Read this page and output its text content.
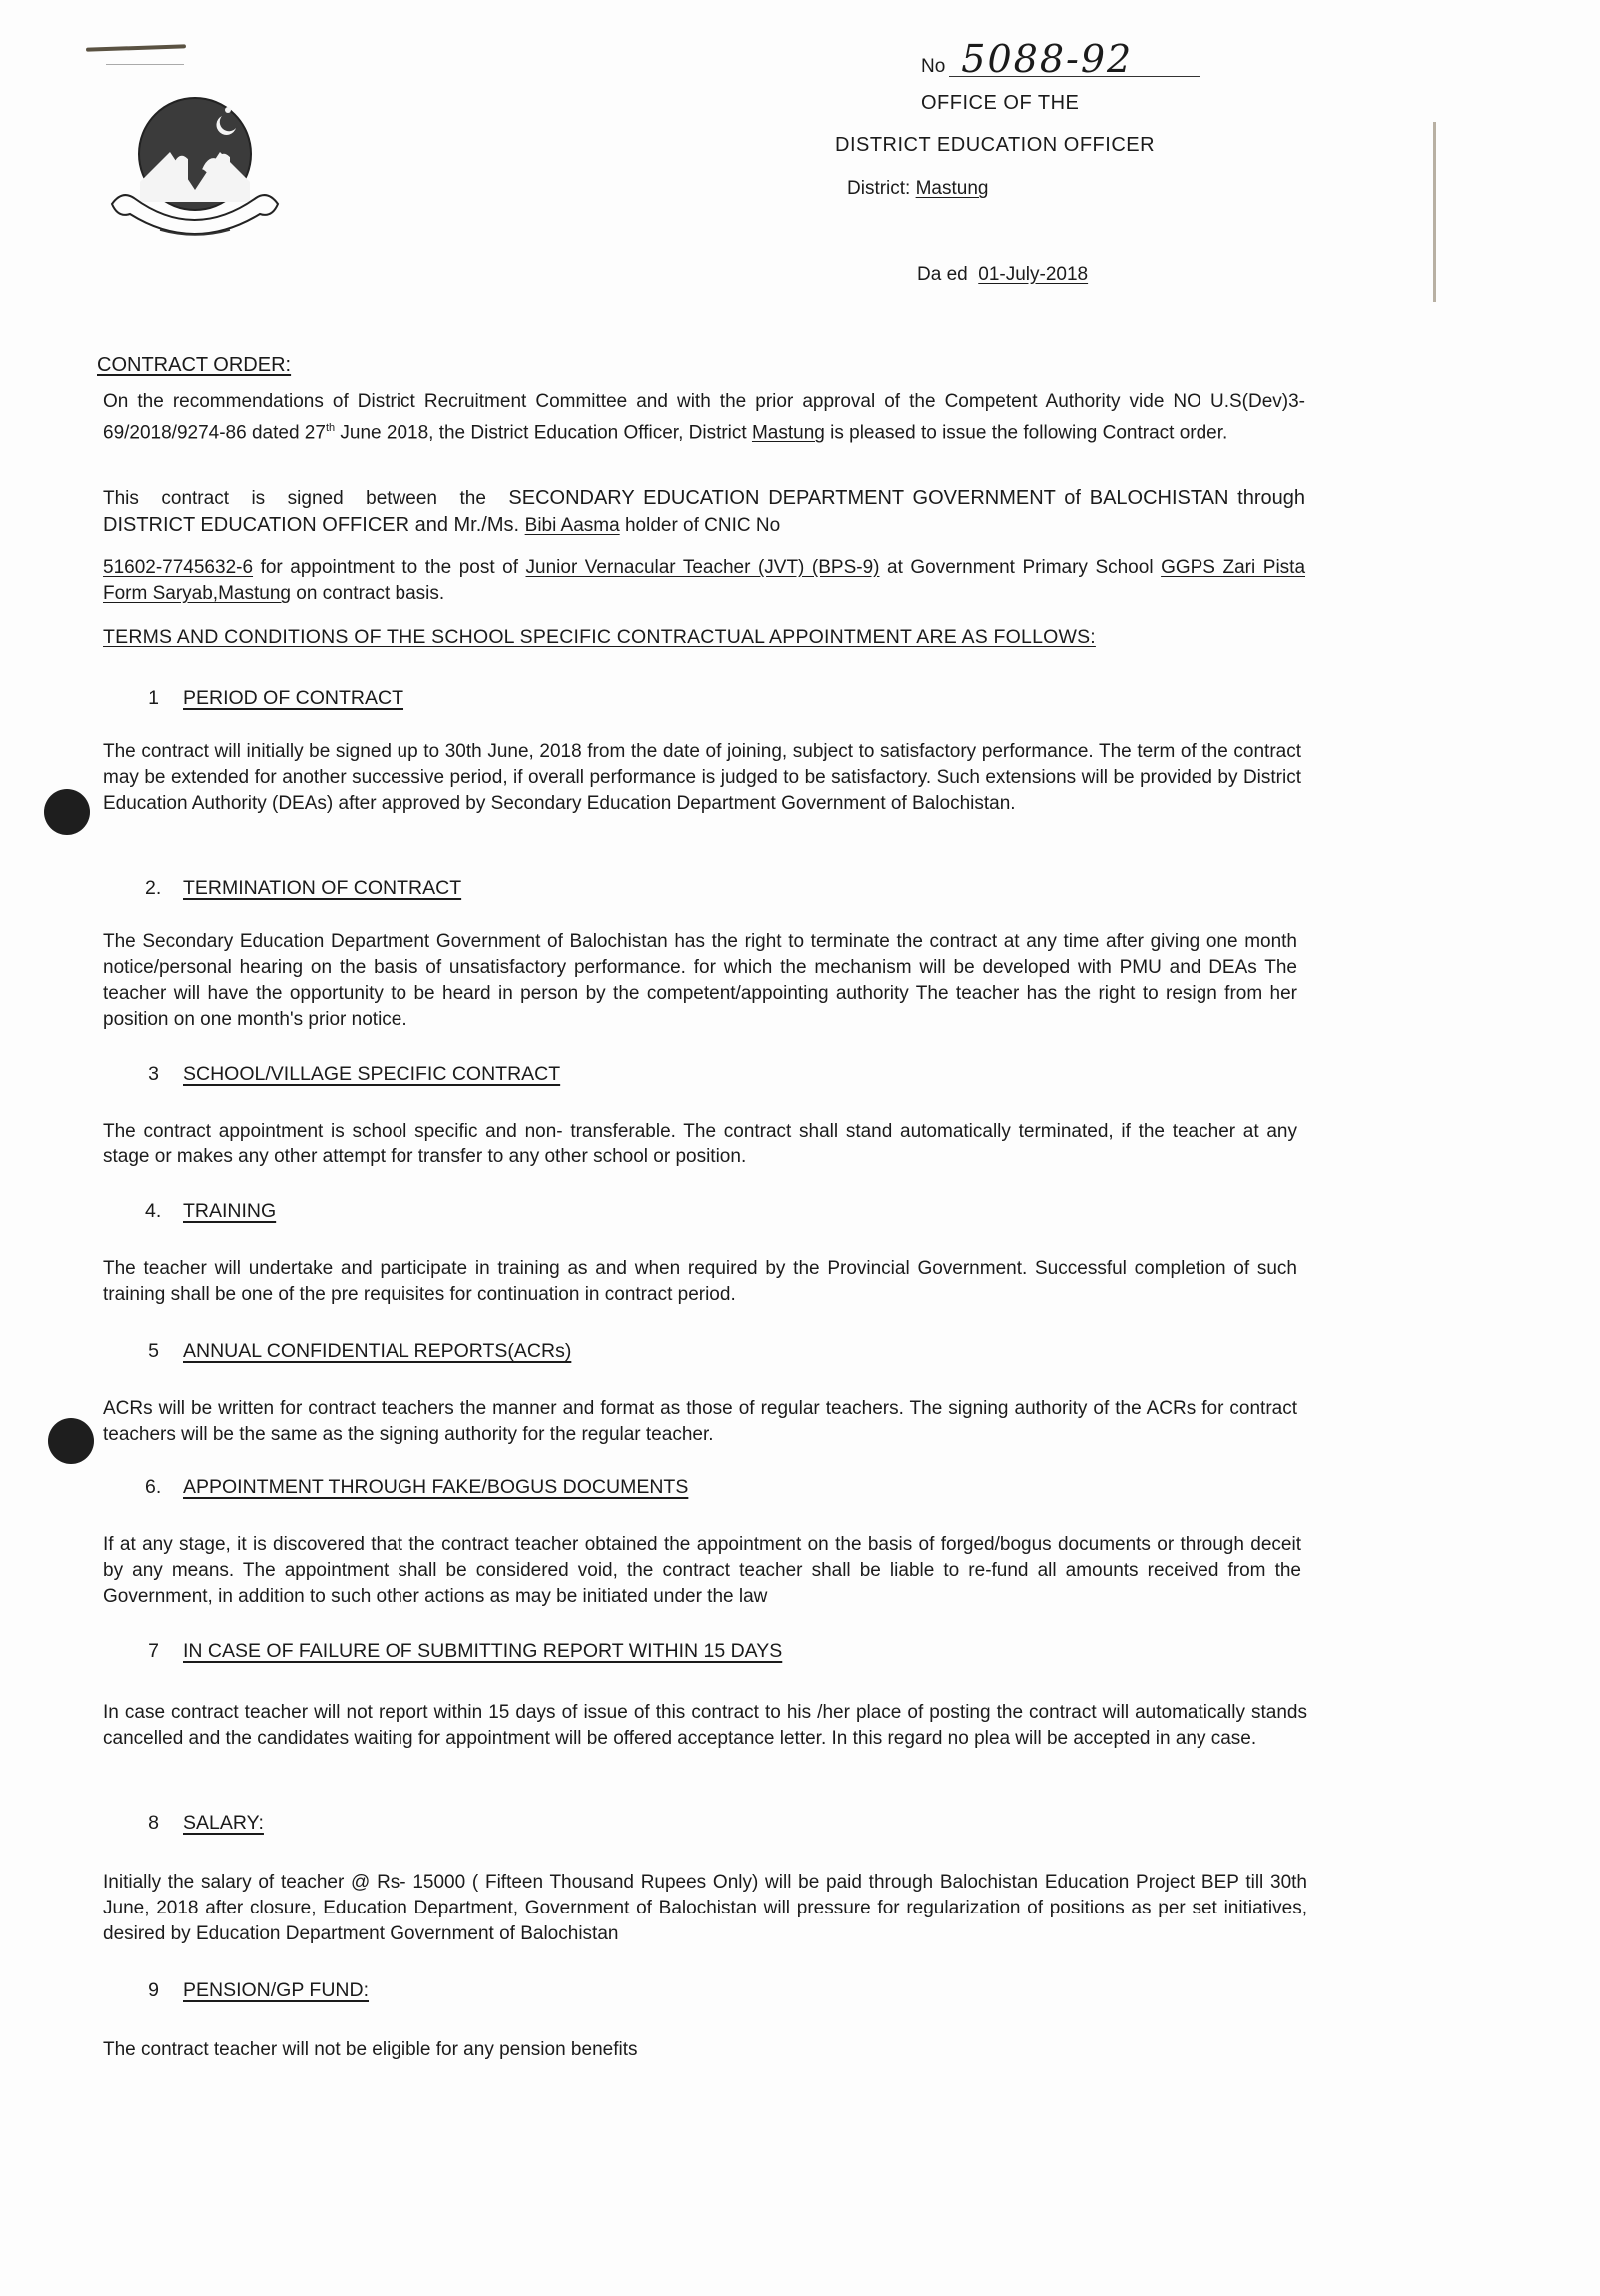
No 5088-92
OFFICE OF THE
DISTRICT EDUCATION OFFICER
District: Mastung
Da ed 01-July-2018
CONTRACT ORDER:
On the recommendations of District Recruitment Committee and with the prior approval of the Competent Authority vide NO U.S(Dev)3-69/2018/9274-86 dated 27th June 2018, the District Education Officer, District Mastung is pleased to issue the following Contract order.
This contract is signed between the SECONDARY EDUCATION DEPARTMENT GOVERNMENT of BALOCHISTAN through DISTRICT EDUCATION OFFICER and Mr./Ms. Bibi Aasma holder of CNIC No
51602-7745632-6 for appointment to the post of Junior Vernacular Teacher (JVT) (BPS-9) at Government Primary School GGPS Zari Pista Form Saryab,Mastung on contract basis.
TERMS AND CONDITIONS OF THE SCHOOL SPECIFIC CONTRACTUAL APPOINTMENT ARE AS FOLLOWS:
1 PERIOD OF CONTRACT
The contract will initially be signed up to 30th June, 2018 from the date of joining, subject to satisfactory performance. The term of the contract may be extended for another successive period, if overall performance is judged to be satisfactory. Such extensions will be provided by District Education Authority (DEAs) after approved by Secondary Education Department Government of Balochistan.
2. TERMINATION OF CONTRACT
The Secondary Education Department Government of Balochistan has the right to terminate the contract at any time after giving one month notice/personal hearing on the basis of unsatisfactory performance. for which the mechanism will be developed with PMU and DEAs The teacher will have the opportunity to be heard in person by the competent/appointing authority The teacher has the right to resign from her position on one month's prior notice.
3 SCHOOL/VILLAGE SPECIFIC CONTRACT
The contract appointment is school specific and non- transferable. The contract shall stand automatically terminated, if the teacher at any stage or makes any other attempt for transfer to any other school or position.
4. TRAINING
The teacher will undertake and participate in training as and when required by the Provincial Government. Successful completion of such training shall be one of the pre requisites for continuation in contract period.
5 ANNUAL CONFIDENTIAL REPORTS(ACRs)
ACRs will be written for contract teachers the manner and format as those of regular teachers. The signing authority of the ACRs for contract teachers will be the same as the signing authority for the regular teacher.
6. APPOINTMENT THROUGH FAKE/BOGUS DOCUMENTS
If at any stage, it is discovered that the contract teacher obtained the appointment on the basis of forged/bogus documents or through deceit by any means. The appointment shall be considered void, the contract teacher shall be liable to re-fund all amounts received from the Government, in addition to such other actions as may be initiated under the law
7 IN CASE OF FAILURE OF SUBMITTING REPORT WITHIN 15 DAYS
In case contract teacher will not report within 15 days of issue of this contract to his /her place of posting the contract will automatically stands cancelled and the candidates waiting for appointment will be offered acceptance letter. In this regard no plea will be accepted in any case.
8 SALARY:
Initially the salary of teacher @ Rs- 15000 ( Fifteen Thousand Rupees Only) will be paid through Balochistan Education Project BEP till 30th June, 2018 after closure, Education Department, Government of Balochistan will pressure for regularization of positions as per set initiatives, desired by Education Department Government of Balochistan
9 PENSION/GP FUND:
The contract teacher will not be eligible for any pension benefits
